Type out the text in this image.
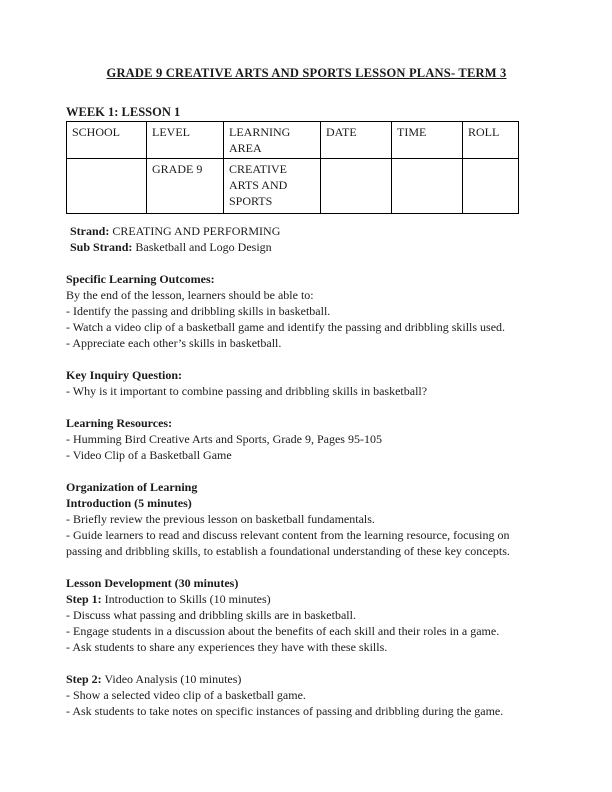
GRADE 9 CREATIVE ARTS AND SPORTS LESSON PLANS- TERM 3
WEEK 1: LESSON 1
SCHOOL	LEVEL	LEARNING AREA	DATE	TIME	ROLL
	GRADE 9	CREATIVE ARTS AND SPORTS			
Strand: CREATING AND PERFORMING
Sub Strand: Basketball and Logo Design
Specific Learning Outcomes:
By the end of the lesson, learners should be able to:
- Identify the passing and dribbling skills in basketball.
- Watch a video clip of a basketball game and identify the passing and dribbling skills used.
- Appreciate each other’s skills in basketball.
Key Inquiry Question:
- Why is it important to combine passing and dribbling skills in basketball?
Learning Resources:
- Humming Bird Creative Arts and Sports, Grade 9, Pages 95-105
- Video Clip of a Basketball Game
Organization of Learning
Introduction (5 minutes)
- Briefly review the previous lesson on basketball fundamentals.
- Guide learners to read and discuss relevant content from the learning resource, focusing on passing and dribbling skills, to establish a foundational understanding of these key concepts.
Lesson Development (30 minutes)
Step 1: Introduction to Skills (10 minutes)
- Discuss what passing and dribbling skills are in basketball.
- Engage students in a discussion about the benefits of each skill and their roles in a game.
- Ask students to share any experiences they have with these skills.
Step 2: Video Analysis (10 minutes)
- Show a selected video clip of a basketball game.
- Ask students to take notes on specific instances of passing and dribbling during the game.
